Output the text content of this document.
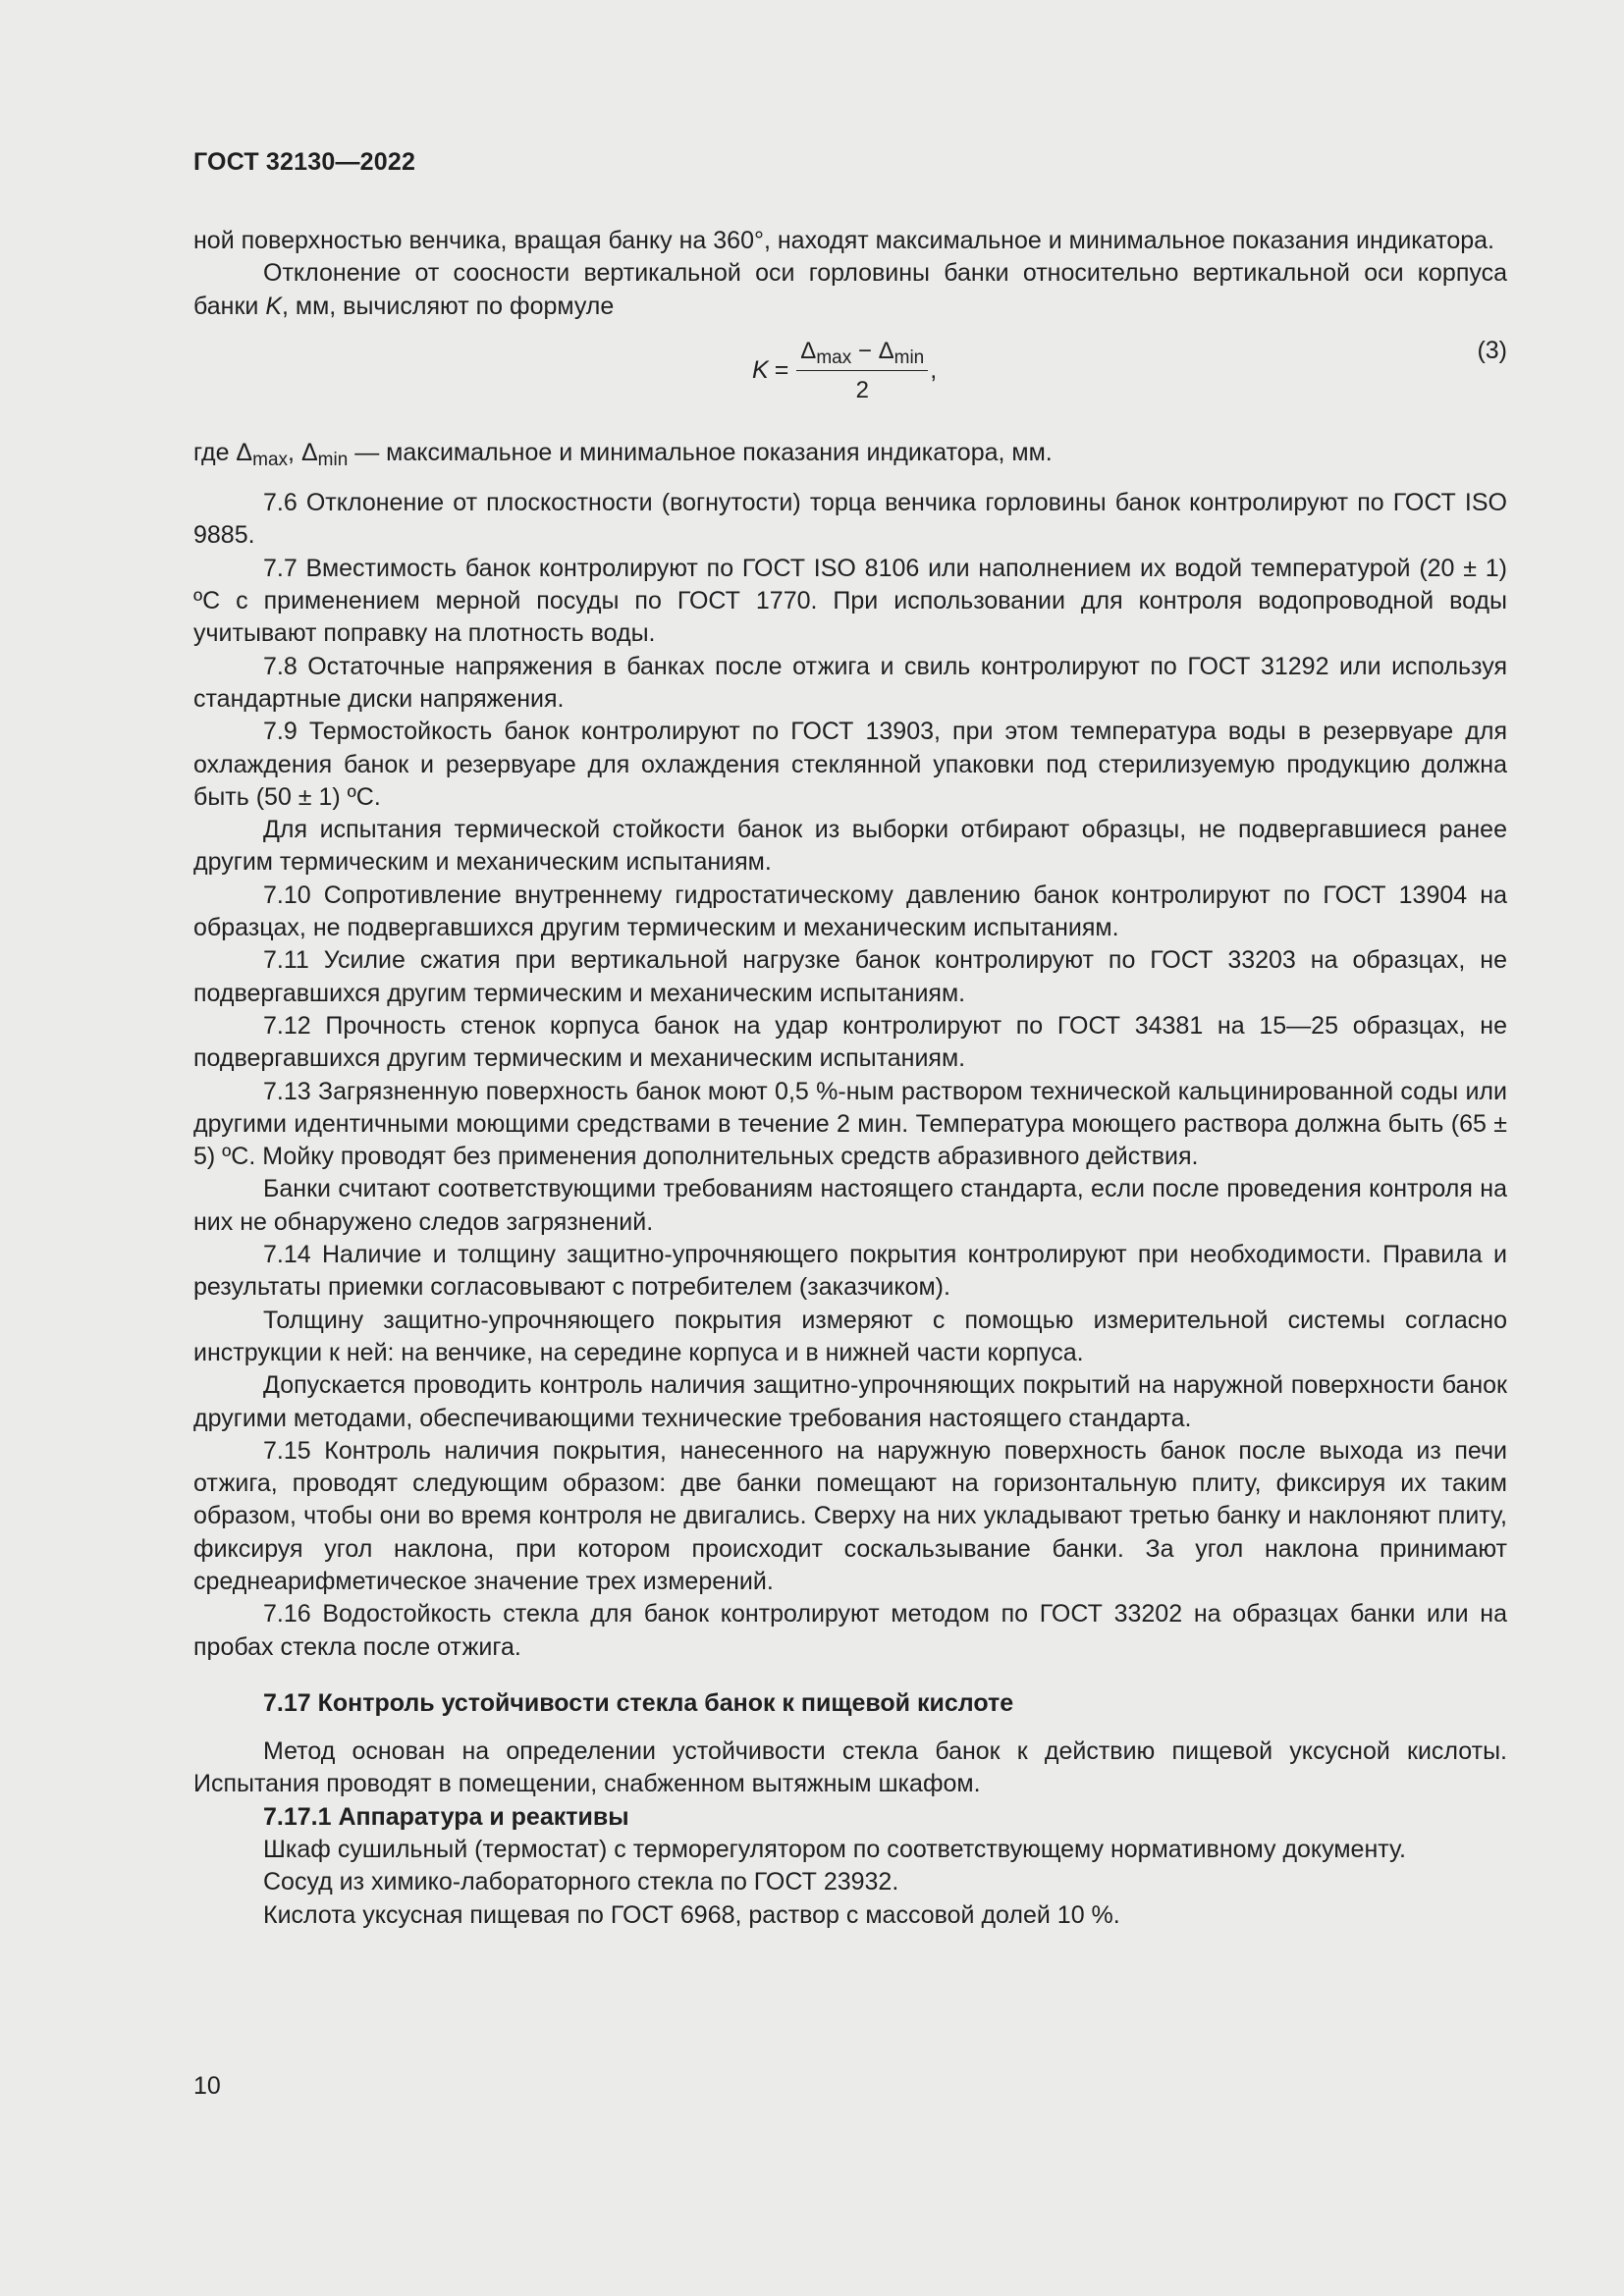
ГОСТ 32130—2022

ной поверхностью венчика, вращая банку на 360°, находят максимальное и минимальное показания индикатора.

Отклонение от соосности вертикальной оси горловины банки относительно вертикальной оси корпуса банки K, мм, вычисляют по формуле

$K = \frac{\Delta_{max} - \Delta_{min}}{2}$ ,
(3)

где $\Delta_{max}$, $\Delta_{min}$ — максимальное и минимальное показания индикатора, мм.

7.6 Отклонение от плоскостности (вогнутости) торца венчика горловины банок контролируют по ГОСТ ISO 9885.

7.7 Вместимость банок контролируют по ГОСТ ISO 8106 или наполнением их водой температурой (20 ± 1) ºС с применением мерной посуды по ГОСТ 1770. При использовании для контроля водопроводной воды учитывают поправку на плотность воды.

7.8 Остаточные напряжения в банках после отжига и свиль контролируют по ГОСТ 31292 или используя стандартные диски напряжения.

7.9 Термостойкость банок контролируют по ГОСТ 13903, при этом температура воды в резервуаре для охлаждения банок и резервуаре для охлаждения стеклянной упаковки под стерилизуемую продукцию должна быть (50 ± 1) ºС.

Для испытания термической стойкости банок из выборки отбирают образцы, не подвергавшиеся ранее другим термическим и механическим испытаниям.

7.10 Сопротивление внутреннему гидростатическому давлению банок контролируют по ГОСТ 13904 на образцах, не подвергавшихся другим термическим и механическим испытаниям.

7.11 Усилие сжатия при вертикальной нагрузке банок контролируют по ГОСТ 33203 на образцах, не подвергавшихся другим термическим и механическим испытаниям.

7.12 Прочность стенок корпуса банок на удар контролируют по ГОСТ 34381 на 15—25 образцах, не подвергавшихся другим термическим и механическим испытаниям.

7.13 Загрязненную поверхность банок моют 0,5 %-ным раствором технической кальцинированной соды или другими идентичными моющими средствами в течение 2 мин. Температура моющего раствора должна быть (65 ± 5) ºС. Мойку проводят без применения дополнительных средств абразивного действия.

Банки считают соответствующими требованиям настоящего стандарта, если после проведения контроля на них не обнаружено следов загрязнений.

7.14 Наличие и толщину защитно-упрочняющего покрытия контролируют при необходимости. Правила и результаты приемки согласовывают с потребителем (заказчиком).

Толщину защитно-упрочняющего покрытия измеряют с помощью измерительной системы согласно инструкции к ней: на венчике, на середине корпуса и в нижней части корпуса.

Допускается проводить контроль наличия защитно-упрочняющих покрытий на наружной поверхности банок другими методами, обеспечивающими технические требования настоящего стандарта.

7.15 Контроль наличия покрытия, нанесенного на наружную поверхность банок после выхода из печи отжига, проводят следующим образом: две банки помещают на горизонтальную плиту, фиксируя их таким образом, чтобы они во время контроля не двигались. Сверху на них укладывают третью банку и наклоняют плиту, фиксируя угол наклона, при котором происходит соскальзывание банки. За угол наклона принимают среднеарифметическое значение трех измерений.

7.16 Водостойкость стекла для банок контролируют методом по ГОСТ 33202 на образцах банки или на пробах стекла после отжига.

7.17 Контроль устойчивости стекла банок к пищевой кислоте

Метод основан на определении устойчивости стекла банок к действию пищевой уксусной кислоты. Испытания проводят в помещении, снабженном вытяжным шкафом.

7.17.1 Аппаратура и реактивы

Шкаф сушильный (термостат) с терморегулятором по соответствующему нормативному документу.

Сосуд из химико-лабораторного стекла по ГОСТ 23932.

Кислота уксусная пищевая по ГОСТ 6968, раствор с массовой долей 10 %.

10
